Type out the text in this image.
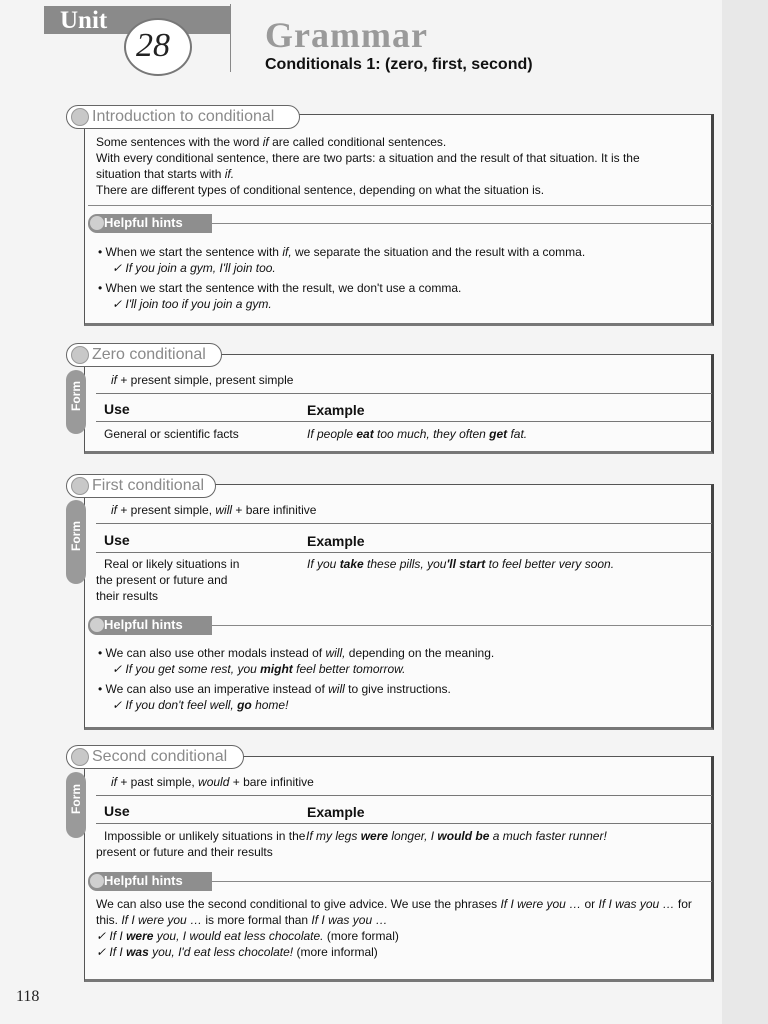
Unit
28	Grammar
Conditionals 1: (zero, first, second)
Introduction to conditional
Some sentences with the word if are called conditional sentences.
With every conditional sentence, there are two parts: a situation and the result of that situation. It is the
situation that starts with if.
There are different types of conditional sentence, depending on what the situation is.
Helpful hints
• When we start the sentence with if, we separate the situation and the result with a comma.
✓ If you join a gym, I'll join too.
• When we start the sentence with the result, we don't use a comma.
✓ I'll join too if you join a gym.
Zero conditional
Form
if + present simple, present simple
Use	Example
General or scientific facts	If people eat too much, they often get fat.
First conditional
Form
if + present simple, will + bare infinitive
Use	Example
Real or likely situations in
the present or future and
their results
If you take these pills, you'll start to feel better very soon.
Helpful hints
• We can also use other modals instead of will, depending on the meaning.
✓ If you get some rest, you might feel better tomorrow.
• We can also use an imperative instead of will to give instructions.
✓ If you don't feel well, go home!
Second conditional
Form
if + past simple, would + bare infinitive
Use	Example
Impossible or unlikely situations in the
present or future and their results
If my legs were longer, I would be a much faster runner!
Helpful hints
We can also use the second conditional to give advice. We use the phrases If I were you … or If I was you … for
this. If I were you … is more formal than If I was you …
✓ If I were you, I would eat less chocolate. (more formal)
✓ If I was you, I'd eat less chocolate! (more informal)
118
